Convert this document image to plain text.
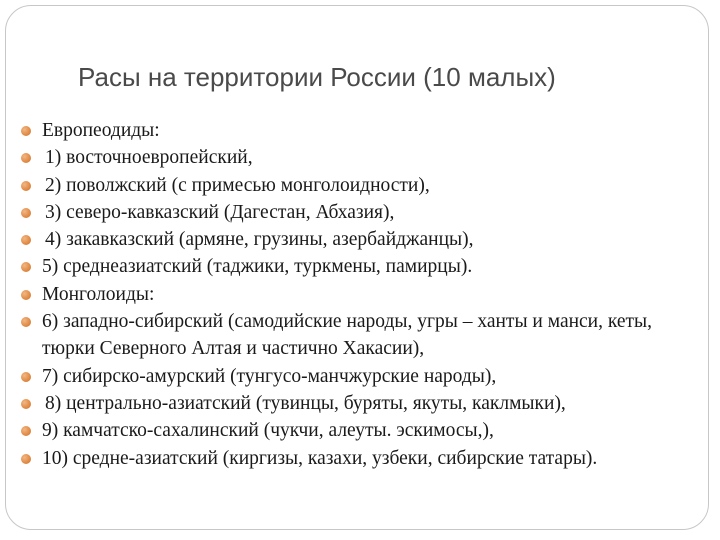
Расы на территории России (10 малых)
Европеодиды:
1) восточноевропейский,
2) поволжский (с примесью монголоидности),
3) северо-кавказский (Дагестан, Абхазия),
4) закавказский (армяне, грузины, азербайджанцы),
5) среднеазиатский (таджики, туркмены, памирцы).
Монголоиды:
6) западно-сибирский (самодийские народы, угры – ханты и манси, кеты, тюрки Северного Алтая и частично Хакасии),
7) сибирско-амурский (тунгусо-манчжурские народы),
8) центрально-азиатский (тувинцы, буряты, якуты, каклмыки),
9) камчатско-сахалинский (чукчи, алеуты. эскимосы,),
10) средне-азиатский (киргизы, казахи, узбеки, сибирские татары).
